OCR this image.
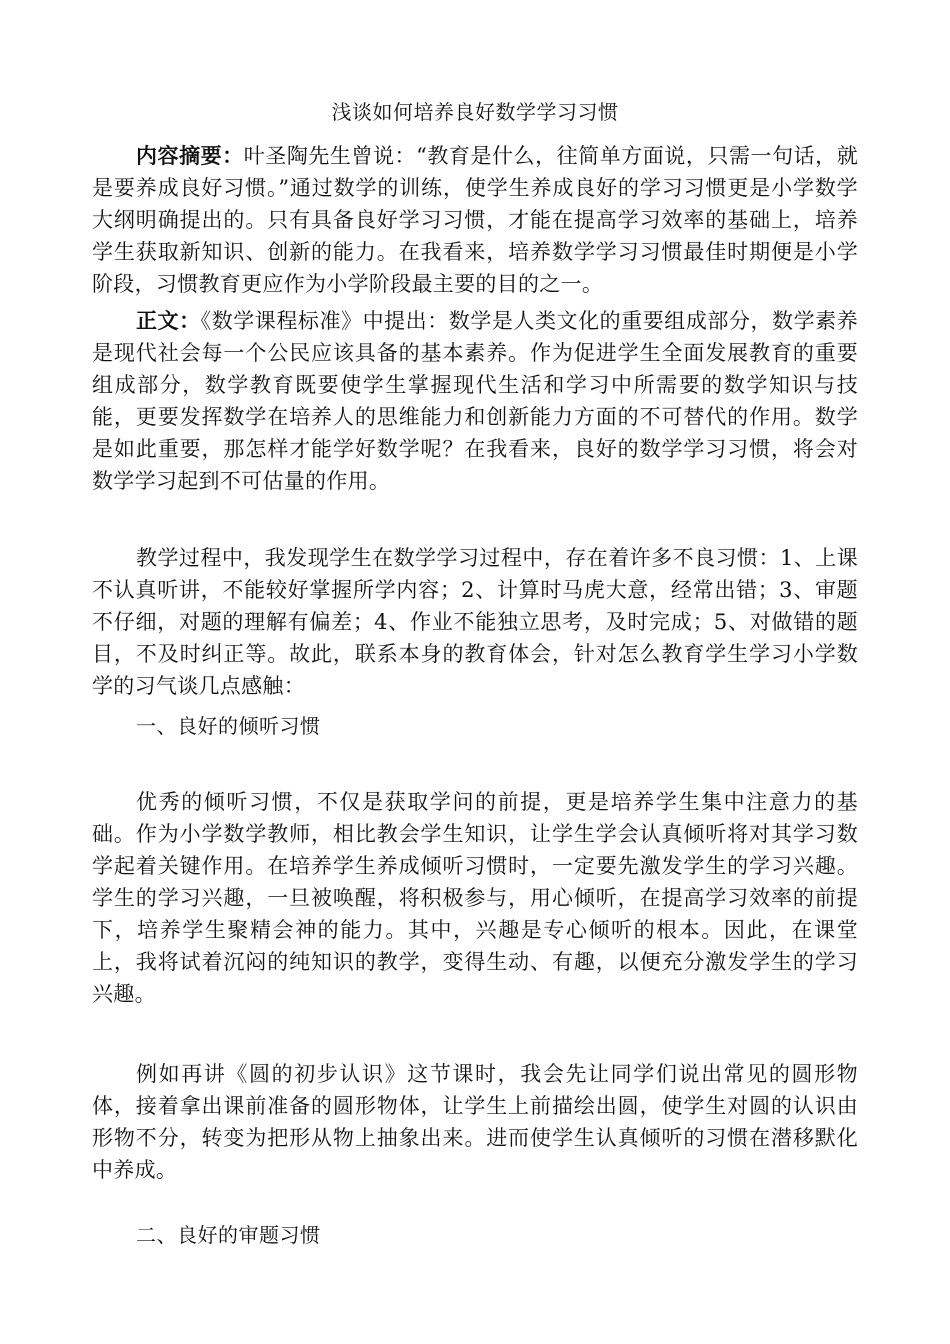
浅谈如何培养良好数学学习习惯

内容摘要：叶圣陶先生曾说：“教育是什么，往简单方面说，只需一句话，就是要养成良好习惯。”通过数学的训练，使学生养成良好的学习习惯更是小学数学大纲明确提出的。只有具备良好学习习惯，才能在提高学习效率的基础上，培养学生获取新知识、创新的能力。在我看来，培养数学学习习惯最佳时期便是小学阶段，习惯教育更应作为小学阶段最主要的目的之一。

正文：《数学课程标准》中提出：数学是人类文化的重要组成部分，数学素养是现代社会每一个公民应该具备的基本素养。作为促进学生全面发展教育的重要组成部分，数学教育既要使学生掌握现代生活和学习中所需要的数学知识与技能，更要发挥数学在培养人的思维能力和创新能力方面的不可替代的作用。数学是如此重要，那怎样才能学好数学呢？在我看来，良好的数学学习习惯，将会对数学学习起到不可估量的作用。

教学过程中，我发现学生在数学学习过程中，存在着许多不良习惯：1、上课不认真听讲，不能较好掌握所学内容；2、计算时马虎大意，经常出错；3、审题不仔细，对题的理解有偏差；4、作业不能独立思考，及时完成；5、对做错的题目，不及时纠正等。故此，联系本身的教育体会，针对怎么教育学生学习小学数学的习气谈几点感触：

一、良好的倾听习惯

优秀的倾听习惯，不仅是获取学问的前提，更是培养学生集中注意力的基础。作为小学数学教师，相比教会学生知识，让学生学会认真倾听将对其学习数学起着关键作用。在培养学生养成倾听习惯时，一定要先激发学生的学习兴趣。学生的学习兴趣，一旦被唤醒，将积极参与，用心倾听，在提高学习效率的前提下，培养学生聚精会神的能力。其中，兴趣是专心倾听的根本。因此，在课堂上，我将试着沉闷的纯知识的教学，变得生动、有趣，以便充分激发学生的学习兴趣。

例如再讲《圆的初步认识》这节课时，我会先让同学们说出常见的圆形物体，接着拿出课前准备的圆形物体，让学生上前描绘出圆，使学生对圆的认识由形物不分，转变为把形从物上抽象出来。进而使学生认真倾听的习惯在潜移默化中养成。

二、良好的审题习惯
